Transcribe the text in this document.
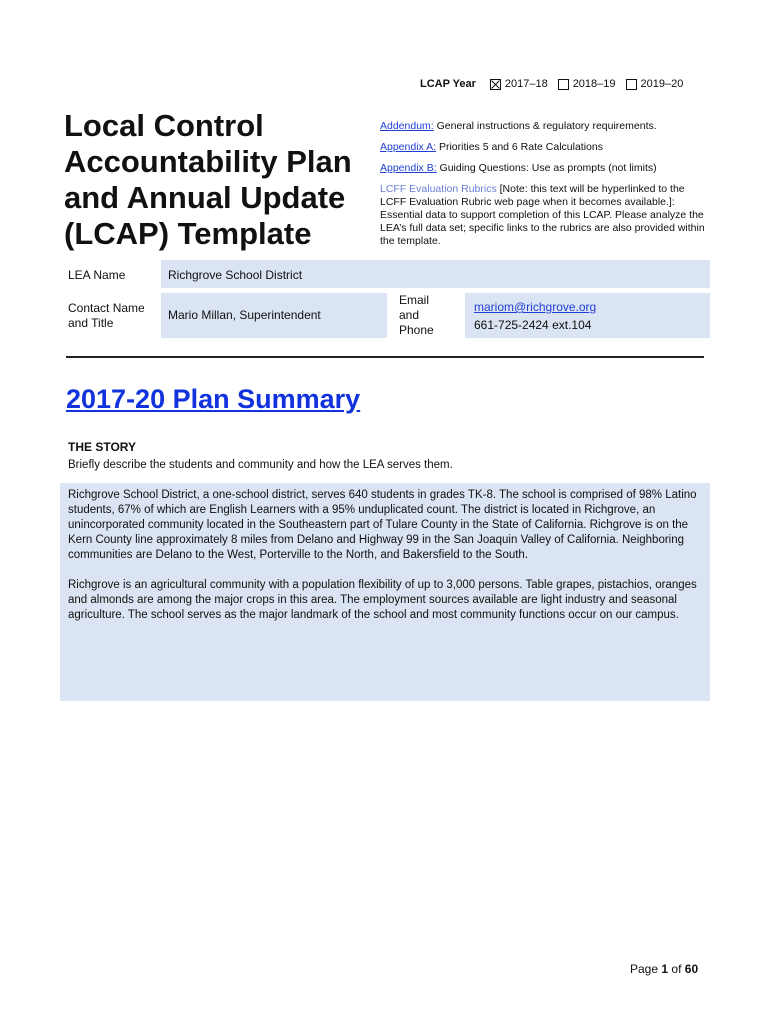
LCAP Year	2017–18 2018–19 2019–20
Local Control
Accountability Plan
and Annual Update
(LCAP) Template

Addendum: General instructions & regulatory requirements.

Appendix A: Priorities 5 and 6 Rate Calculations

Appendix B: Guiding Questions: Use as prompts (not limits)

LCFF Evaluation Rubrics [Note: this text will be hyperlinked to the LCFF Evaluation Rubric web page when it becomes available.]: Essential data to support completion of this LCAP. Please analyze the LEA’s full data set; specific links to the rubrics are also provided within the template.

LEA Name	Richgrove School District
Contact Name and Title
Mario Millan, Superintendent
Email and Phone
mariom@richgrove.org
661-725-2424 ext.104
2017-20 Plan Summary
THE STORY
Briefly describe the students and community and how the LEA serves them.

Richgrove School District, a one-school district, serves 640 students in grades TK-8. The school is comprised of 98% Latino students, 67% of which are English Learners with a 95% unduplicated count. The district is located in Richgrove, an unincorporated community located in the Southeastern part of Tulare County in the State of California. Richgrove is on the Kern County line approximately 8 miles from Delano and Highway 99 in the San Joaquin Valley of California. Neighboring communities are Delano to the West, Porterville to the North, and Bakersfield to the South.

Richgrove is an agricultural community with a population flexibility of up to 3,000 persons. Table grapes, pistachios, oranges and almonds are among the major crops in this area. The employment sources available are light industry and seasonal agriculture. The school serves as the major landmark of the school and most community functions occur on our campus.

Page 1 of 60
